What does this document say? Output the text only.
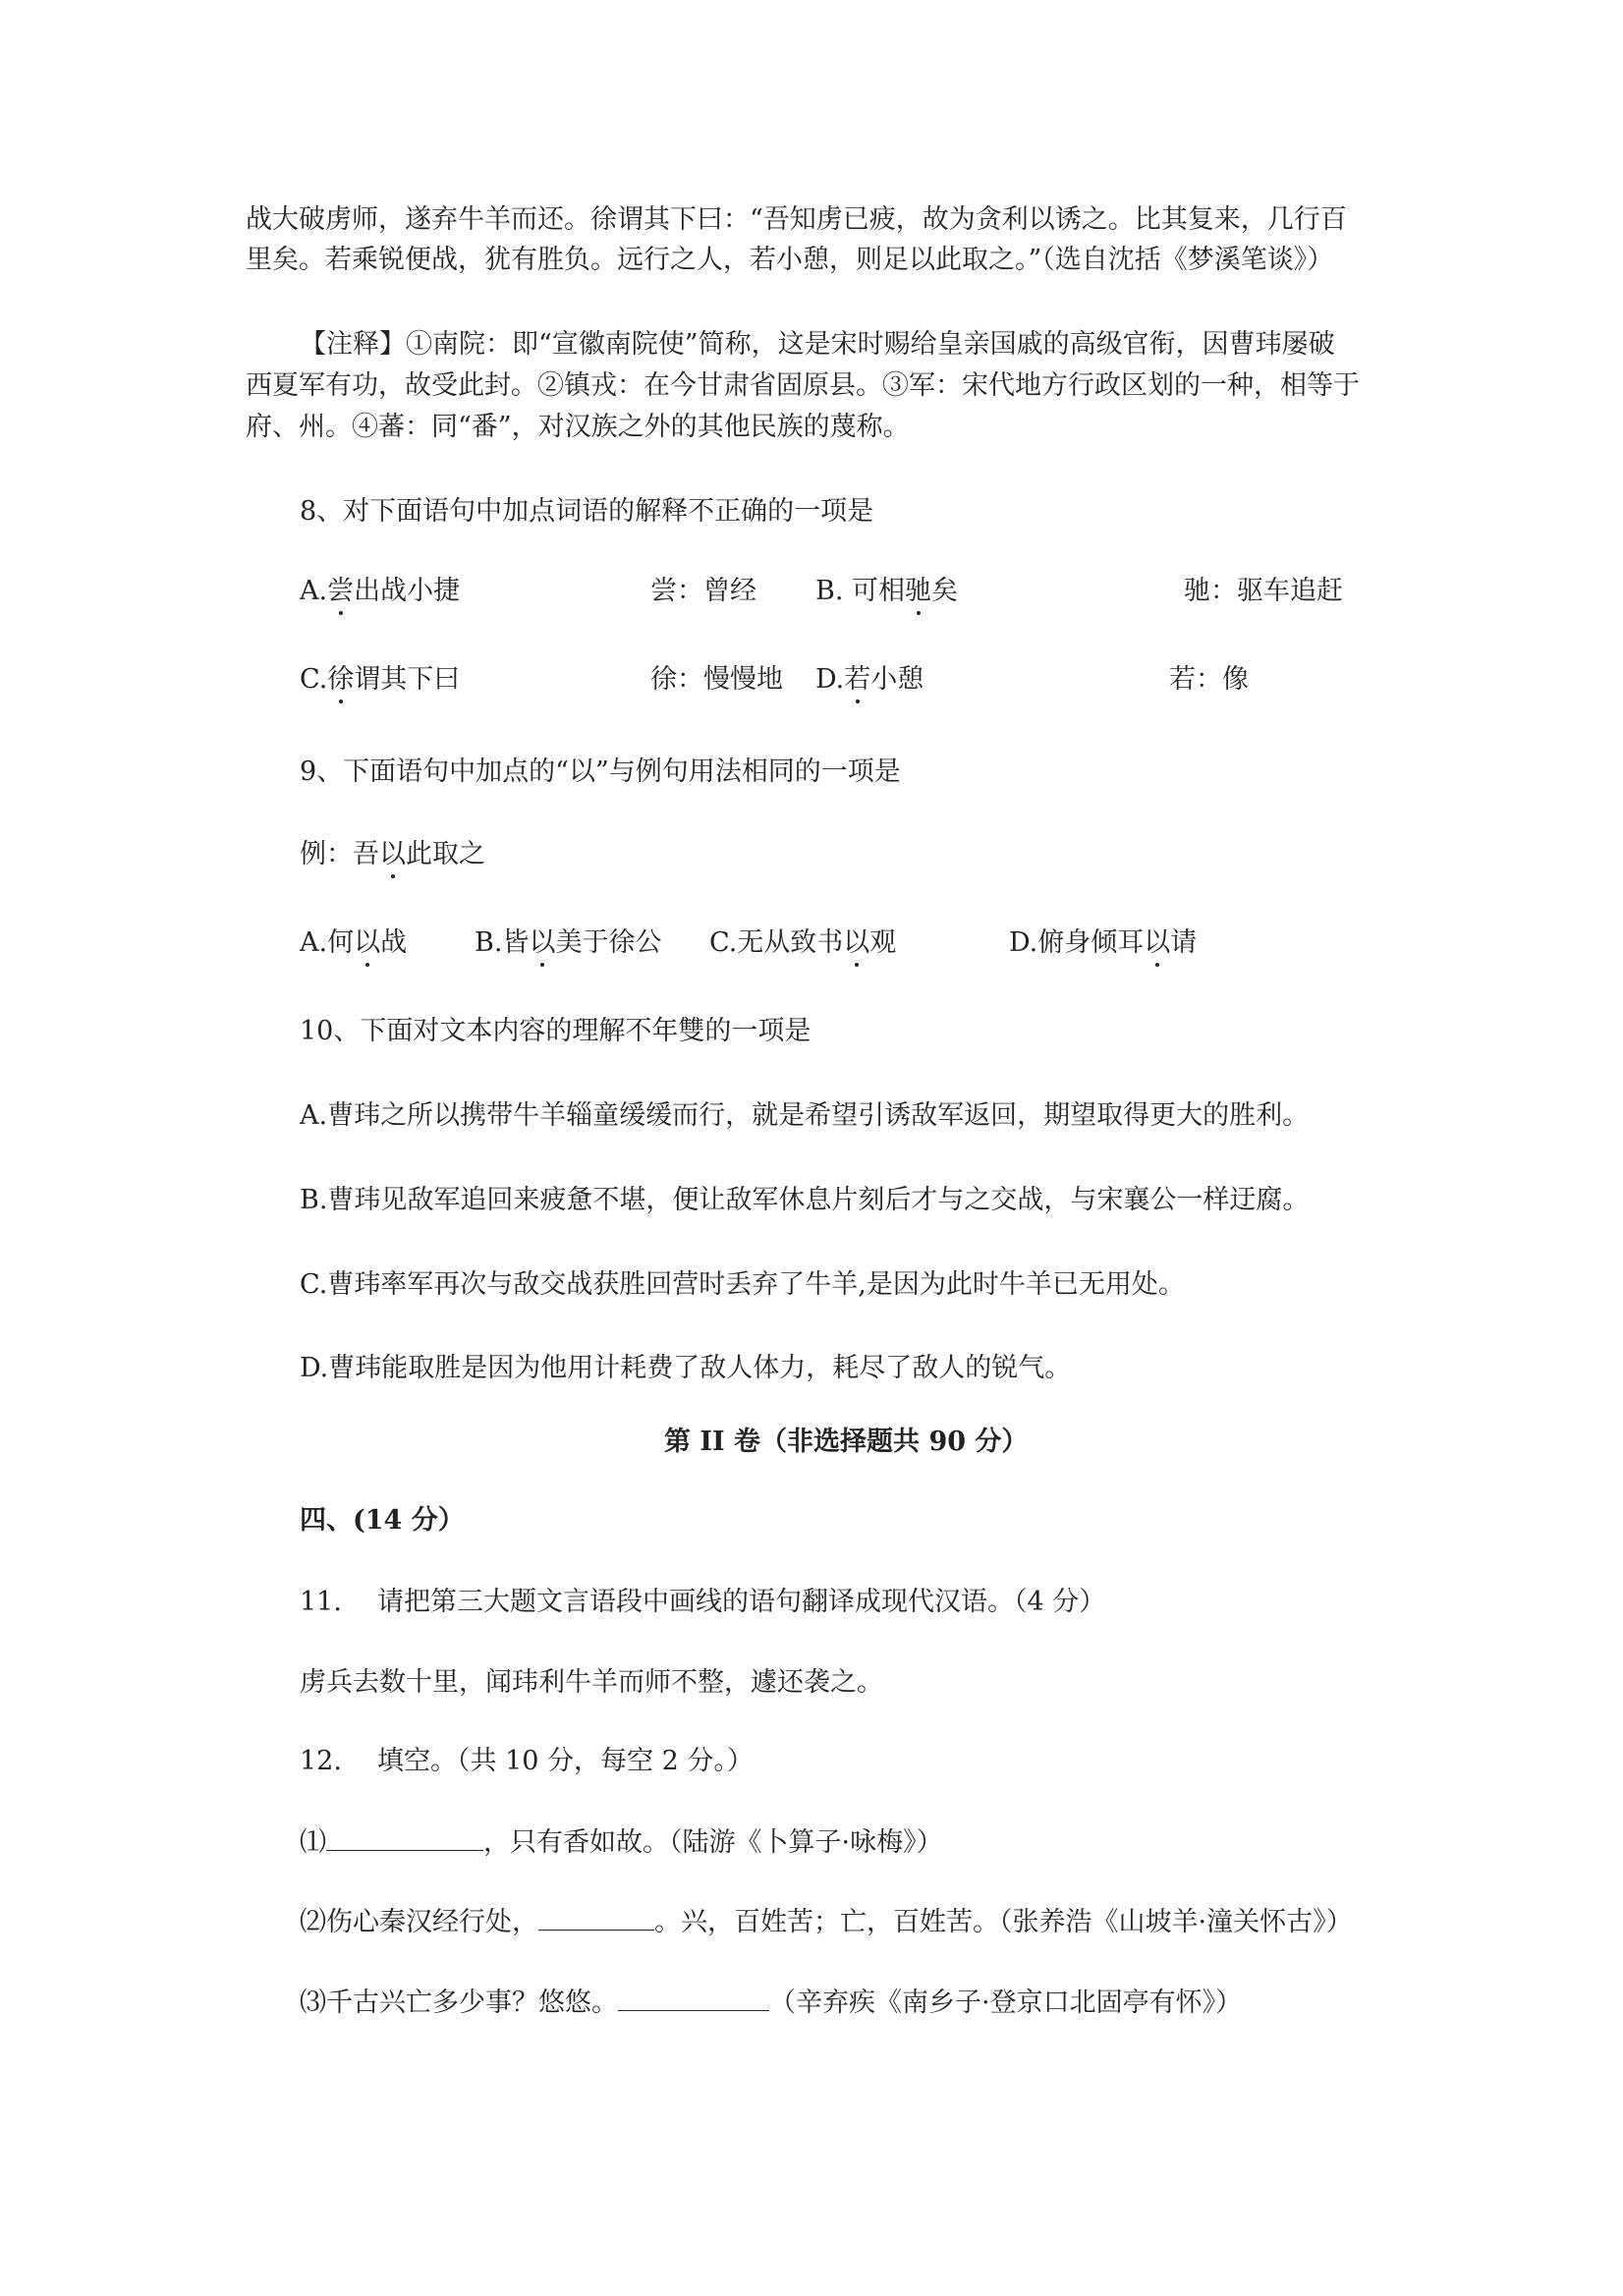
战大破虏师，遂弃牛羊而还。徐谓其下曰：“吾知虏已疲，故为贪利以诱之。比其复来，几行百
里矣。若乘锐便战，犹有胜负。远行之人，若小憩，则足以此取之。”（选自沈括《梦溪笔谈》）
【注释】①南院：即“宣徽南院使”简称，这是宋时赐给皇亲国戚的高级官衔，因曹玮屡破
西夏军有功，故受此封。②镇戎：在今甘肃省固原县。③军：宋代地方行政区划的一种，相等于
府、州。④蕃：同“番”，对汉族之外的其他民族的蔑称。
8、对下面语句中加点词语的解释不正确的一项是
A.尝出战小捷	尝：曾经 B. 可相驰矣	驰：驱车追赶
C.徐谓其下曰	徐：慢慢地 D.若小憩	若：像
9、下面语句中加点的“以”与例句用法相同的一项是
例：吾以此取之
A.何以战	B.皆以美于徐公 C.无从致书以观	D.俯身倾耳以请
10、下面对文本内容的理解不年雙的一项是
A.曹玮之所以携带牛羊辎童缓缓而行，就是希望引诱敌军返回，期望取得更大的胜利。
B.曹玮见敌军追回来疲惫不堪，便让敌军休息片刻后才与之交战，与宋襄公一样迂腐。
C.曹玮率军再次与敌交战获胜回营时丢弃了牛羊,是因为此时牛羊已无用处。
D.曹玮能取胜是因为他用计耗费了敌人体力，耗尽了敌人的锐气。
第 II 卷（非选择题共 90 分）
四、(14 分）
11. 请把第三大题文言语段中画线的语句翻译成现代汉语。（4 分）
虏兵去数十里，闻玮利牛羊而师不整，遽还袭之。
12. 填空。（共 10 分，每空 2 分。）
⑴	，只有香如故。（陆游《卜算子·咏梅》）
⑵伤心秦汉经行处，	。兴，百姓苦；亡，百姓苦。（张养浩《山坡羊·潼关怀古》）
⑶千古兴亡多少事？悠悠。	（辛弃疾《南乡子·登京口北固亭有怀》）
